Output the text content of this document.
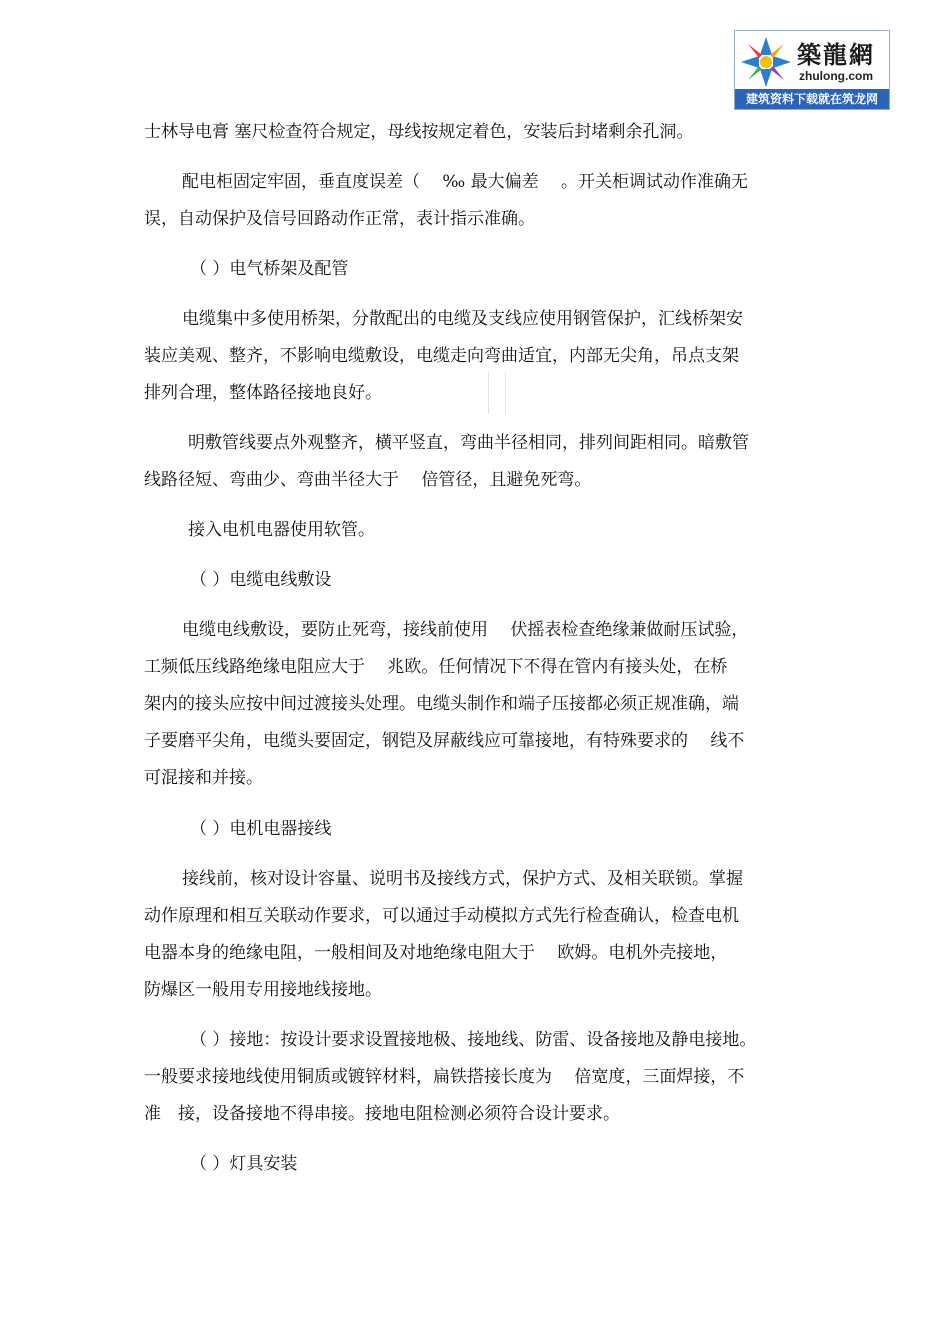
築龍網
zhulong.com
建筑资料下载就在筑龙网
士林导电膏 塞尺检查符合规定，母线按规定着色，安装后封堵剩余孔洞。
配电柜固定牢固，垂直度误差（　 ‰ 最大偏差　 。开关柜调试动作准确无
误，自动保护及信号回路动作正常，表计指示准确。
（ ）电气桥架及配管
电缆集中多使用桥架，分散配出的电缆及支线应使用钢管保护，汇线桥架安
装应美观、整齐，不影响电缆敷设，电缆走向弯曲适宜，内部无尖角，吊点支架
排列合理，整体路径接地良好。
明敷管线要点外观整齐，横平竖直，弯曲半径相同，排列间距相同。暗敷管
线路径短、弯曲少、弯曲半径大于　 倍管径，且避免死弯。
接入电机电器使用软管。
（ ）电缆电线敷设
电缆电线敷设，要防止死弯，接线前使用　 伏摇表检查绝缘兼做耐压试验，
工频低压线路绝缘电阻应大于　 兆欧。任何情况下不得在管内有接头处，在桥
架内的接头应按中间过渡接头处理。电缆头制作和端子压接都必须正规准确，端
子要磨平尖角，电缆头要固定，钢铠及屏蔽线应可靠接地，有特殊要求的　 线不
可混接和并接。
（ ）电机电器接线
接线前，核对设计容量、说明书及接线方式，保护方式、及相关联锁。掌握
动作原理和相互关联动作要求，可以通过手动模拟方式先行检查确认，检查电机
电器本身的绝缘电阻，一般相间及对地绝缘电阻大于　 欧姆。电机外壳接地，
防爆区一般用专用接地线接地。
（ ）接地：按设计要求设置接地极、接地线、防雷、设备接地及静电接地。
一般要求接地线使用铜质或镀锌材料，扁铁搭接长度为　 倍宽度，三面焊接，不
准　接，设备接地不得串接。接地电阻检测必须符合设计要求。
（ ）灯具安装
